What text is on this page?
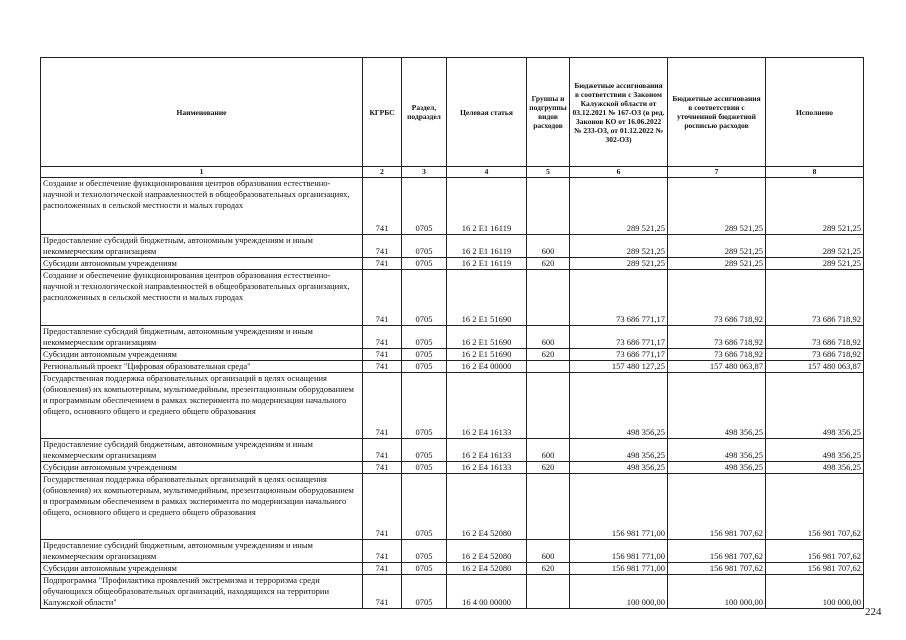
Наименование	КГРБС	Раздел, подраздел	Целевая статья	Группы и подгруппы видов расходов	Бюджетные ассигнования в соответствии с Законом Калужской области от 03.12.2021 № 167-ОЗ (в ред. Законов КО от 16.06.2022 № 233-ОЗ, от 01.12.2022 № 302-ОЗ)	Бюджетные ассигнования в соответствии с уточненной бюджетной росписью расходов	Исполнено
1	2	3	4	5	6	7	8
Создание и обеспечение функционирования центров образования естественно-научной и технологической направленностей в общеобразовательных организациях, расположенных в сельской местности и малых городах	741	0705	16 2 E1 16119		289 521,25	289 521,25	289 521,25
Предоставление субсидий бюджетным, автономным учреждениям и иным некоммерческим организациям	741	0705	16 2 E1 16119	600	289 521,25	289 521,25	289 521,25
Субсидии автономным учреждениям	741	0705	16 2 E1 16119	620	289 521,25	289 521,25	289 521,25
Создание и обеспечение функционирования центров образования естественно-научной и технологической направленностей в общеобразовательных организациях, расположенных в сельской местности и малых городах	741	0705	16 2 E1 51690		73 686 771,17	73 686 718,92	73 686 718,92
Предоставление субсидий бюджетным, автономным учреждениям и иным некоммерческим организациям	741	0705	16 2 E1 51690	600	73 686 771,17	73 686 718,92	73 686 718,92
Субсидии автономным учреждениям	741	0705	16 2 E1 51690	620	73 686 771,17	73 686 718,92	73 686 718,92
Региональный проект "Цифровая образовательная среда"	741	0705	16 2 E4 00000		157 480 127,25	157 480 063,87	157 480 063,87
Государственная поддержка образовательных организаций в целях оснащения (обновления) их компьютерным, мультимедийным, презентационным оборудованием и программным обеспечением в рамках эксперимента по модернизации начального общего, основного общего и среднего общего образования	741	0705	16 2 E4 16133		498 356,25	498 356,25	498 356,25
Предоставление субсидий бюджетным, автономным учреждениям и иным некоммерческим организациям	741	0705	16 2 E4 16133	600	498 356,25	498 356,25	498 356,25
Субсидии автономным учреждениям	741	0705	16 2 E4 16133	620	498 356,25	498 356,25	498 356,25
Государственная поддержка образовательных организаций в целях оснащения (обновления) их компьютерным, мультимедийным, презентационным оборудованием и программным обеспечением в рамках эксперимента по модернизации начального общего, основного общего и среднего общего образования	741	0705	16 2 E4 52080		156 981 771,00	156 981 707,62	156 981 707,62
Предоставление субсидий бюджетным, автономным учреждениям и иным некоммерческим организациям	741	0705	16 2 E4 52080	600	156 981 771,00	156 981 707,62	156 981 707,62
Субсидии автономным учреждениям	741	0705	16 2 E4 52080	620	156 981 771,00	156 981 707,62	156 981 707,62
Подпрограмма "Профилактика проявлений экстремизма и терроризма среди обучающихся общеобразовательных организаций, находящихся на территории Калужской области"	741	0705	16 4 00 00000		100 000,00	100 000,00	100 000,00
224
